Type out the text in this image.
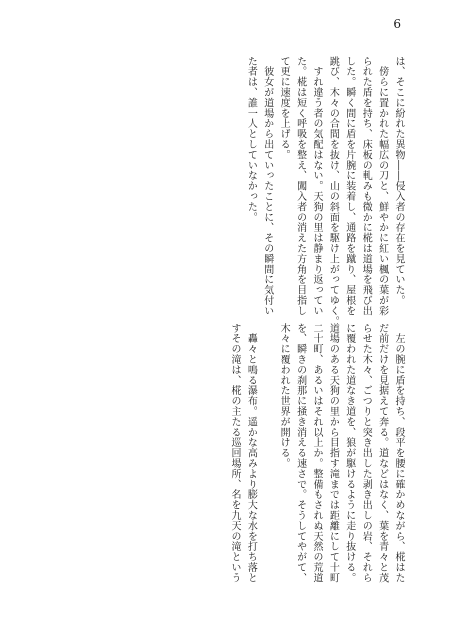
6
は、そこに紛れた異物――侵入者の存在を見ていた。
　傍らに置かれた幅広の刀と、鮮やかに紅い楓の葉が彩
られた盾を持ち、床板の軋みも微かに椛は道場を飛び出
した。瞬く間に盾を片腕に装着し、通路を蹴り、屋根を
跳び、木々の合間を抜け、山の斜面を駆け上がってゆく。
　すれ違う者の気配はない。天狗の里は静まり返ってい
た。椛は短く呼吸を整え、闖入者の消えた方角を目指し
て更に速度を上げる。
　彼女が道場から出ていったことに、その瞬間に気付い
た者は、誰一人としていなかった。
　左の腕に盾を持ち、段平を腰に確かめながら、椛はた
だ前だけを見据えて奔る。道などはなく、葉を青々と茂
らせた木々、ごつりと突き出した剥き出しの岩、それら
に覆われた道なき道を、狼が駆けるように走り抜ける。
道場のある天狗の里から目指す滝までは距離にして十町
二十町、あるいはそれ以上か。整備もされぬ天然の荒道
を、瞬きの刹那に掻き消える速さで。そうしてやがて、
木々に覆われた世界が開ける。
　轟々と鳴る瀑布。遥かな高みより膨大な水を打ち落と
すその滝は、椛の主たる巡回場所、名を九天の滝という
